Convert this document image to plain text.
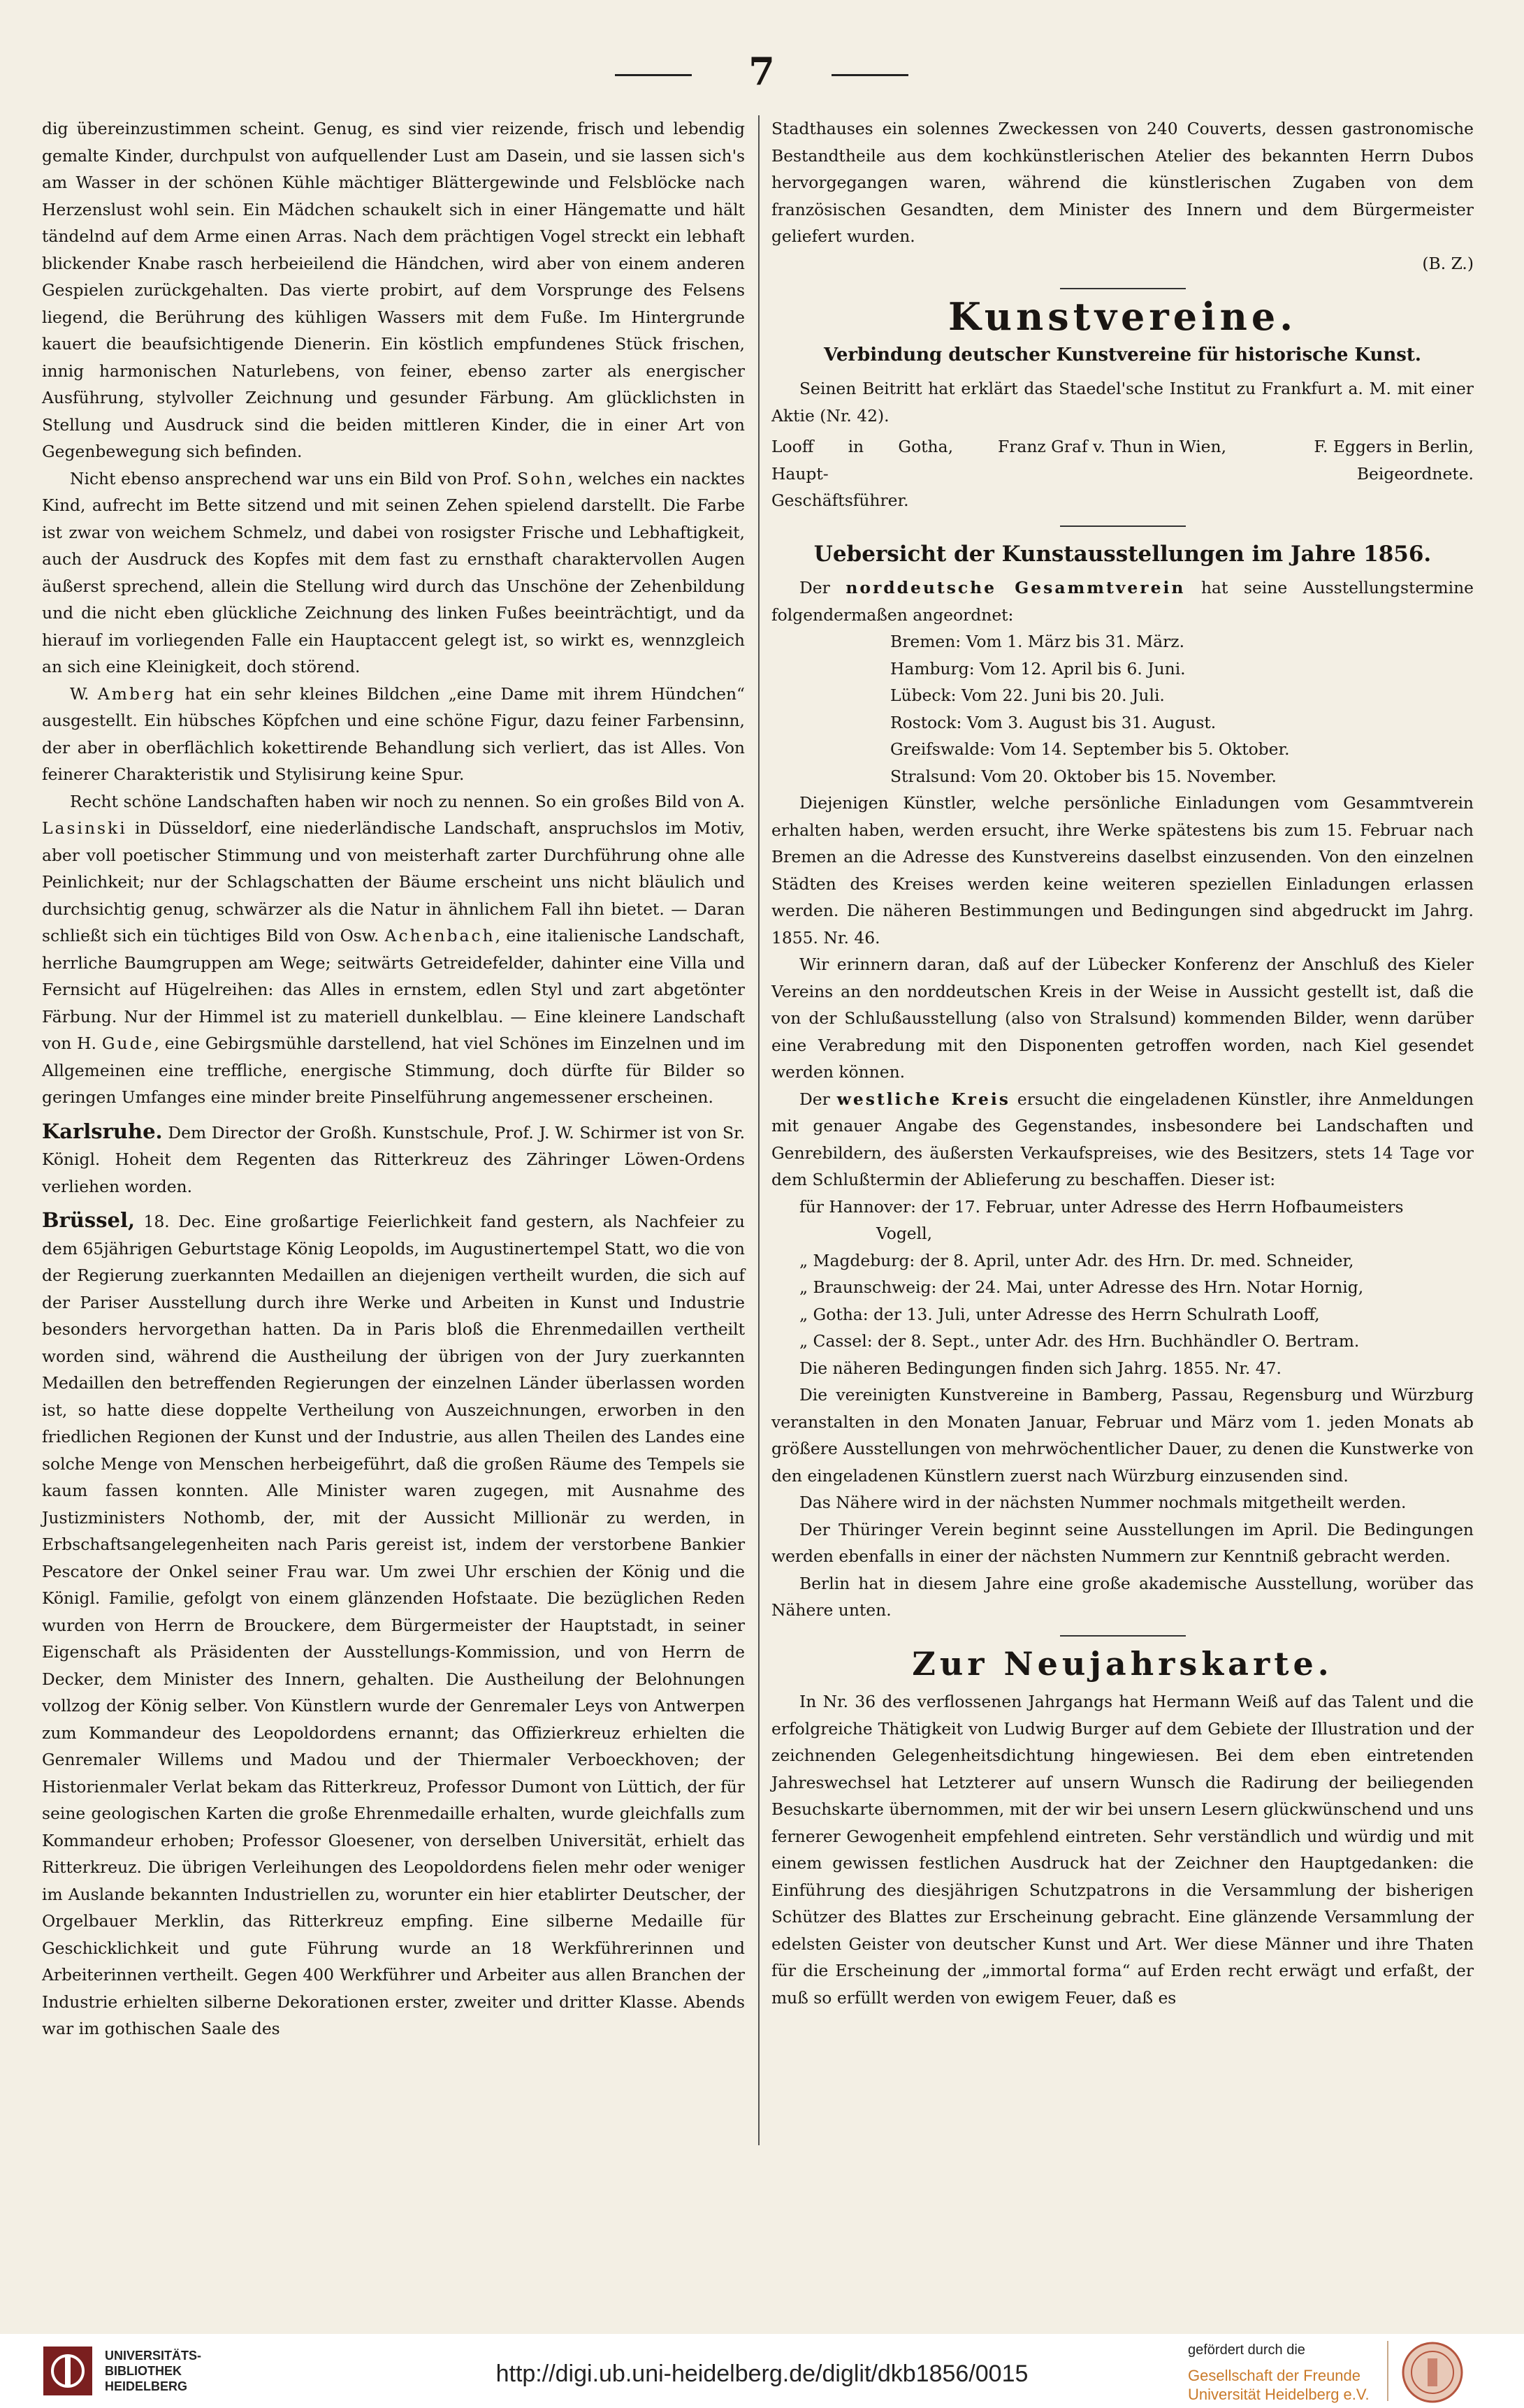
7

dig übereinzustimmen scheint. Genug, es sind vier reizende, frisch und lebendig gemalte Kinder, durchpulst von aufquellender Lust am Dasein, und sie lassen sich's am Wasser in der schönen Kühle mächtiger Blättergewinde und Felsblöcke nach Herzenslust wohl sein. Ein Mädchen schaukelt sich in einer Hängematte und hält tändelnd auf dem Arme einen Arras. Nach dem prächtigen Vogel streckt ein lebhaft blickender Knabe rasch herbeieilend die Händchen, wird aber von einem anderen Gespielen zurückgehalten. Das vierte probirt, auf dem Vorsprunge des Felsens liegend, die Berührung des kühligen Wassers mit dem Fuße. Im Hintergrunde kauert die beaufsichtigende Dienerin. Ein köstlich empfundenes Stück frischen, innig harmonischen Naturlebens, von feiner, ebenso zarter als energischer Ausführung, stylvoller Zeichnung und gesunder Färbung. Am glücklichsten in Stellung und Ausdruck sind die beiden mittleren Kinder, die in einer Art von Gegenbewegung sich befinden.

Nicht ebenso ansprechend war uns ein Bild von Prof. Sohn, welches ein nacktes Kind, aufrecht im Bette sitzend und mit seinen Zehen spielend darstellt. Die Farbe ist zwar von weichem Schmelz, und dabei von rosigster Frische und Lebhaftigkeit, auch der Ausdruck des Kopfes mit dem fast zu ernsthaft charaktervollen Augen äußerst sprechend, allein die Stellung wird durch das Unschöne der Zehenbildung und die nicht eben glückliche Zeichnung des linken Fußes beeinträchtigt, und da hierauf im vorliegenden Falle ein Hauptaccent gelegt ist, so wirkt es, wennzgleich an sich eine Kleinigkeit, doch störend.

W. Amberg hat ein sehr kleines Bildchen „eine Dame mit ihrem Hündchen“ ausgestellt. Ein hübsches Köpfchen und eine schöne Figur, dazu feiner Farbensinn, der aber in oberflächlich kokettirende Behandlung sich verliert, das ist Alles. Von feinerer Charakteristik und Stylisirung keine Spur.

Recht schöne Landschaften haben wir noch zu nennen. So ein großes Bild von A. Lasinski in Düsseldorf, eine niederländische Landschaft, anspruchslos im Motiv, aber voll poetischer Stimmung und von meisterhaft zarter Durchführung ohne alle Peinlichkeit; nur der Schlagschatten der Bäume erscheint uns nicht bläulich und durchsichtig genug, schwärzer als die Natur in ähnlichem Fall ihn bietet. — Daran schließt sich ein tüchtiges Bild von Osw. Achenbach, eine italienische Landschaft, herrliche Baumgruppen am Wege; seitwärts Getreidefelder, dahinter eine Villa und Fernsicht auf Hügelreihen: das Alles in ernstem, edlen Styl und zart abgetönter Färbung. Nur der Himmel ist zu materiell dunkelblau. — Eine kleinere Landschaft von H. Gude, eine Gebirgsmühle darstellend, hat viel Schönes im Einzelnen und im Allgemeinen eine treffliche, energische Stimmung, doch dürfte für Bilder so geringen Umfanges eine minder breite Pinselführung angemessener erscheinen.

Karlsruhe. Dem Director der Großh. Kunstschule, Prof. J. W. Schirmer ist von Sr. Königl. Hoheit dem Regenten das Ritterkreuz des Zähringer Löwen-Ordens verliehen worden.

Brüssel, 18. Dec. Eine großartige Feierlichkeit fand gestern, als Nachfeier zu dem 65jährigen Geburtstage König Leopolds, im Augustinertempel Statt, wo die von der Regierung zuerkannten Medaillen an diejenigen vertheilt wurden, die sich auf der Pariser Ausstellung durch ihre Werke und Arbeiten in Kunst und Industrie besonders hervorgethan hatten. Da in Paris bloß die Ehrenmedaillen vertheilt worden sind, während die Austheilung der übrigen von der Jury zuerkannten Medaillen den betreffenden Regierungen der einzelnen Länder überlassen worden ist, so hatte diese doppelte Vertheilung von Auszeichnungen, erworben in den friedlichen Regionen der Kunst und der Industrie, aus allen Theilen des Landes eine solche Menge von Menschen herbeigeführt, daß die großen Räume des Tempels sie kaum fassen konnten. Alle Minister waren zugegen, mit Ausnahme des Justizministers Nothomb, der, mit der Aussicht Millionär zu werden, in Erbschaftsangelegenheiten nach Paris gereist ist, indem der verstorbene Bankier Pescatore der Onkel seiner Frau war. Um zwei Uhr erschien der König und die Königl. Familie, gefolgt von einem glänzenden Hofstaate. Die bezüglichen Reden wurden von Herrn de Brouckere, dem Bürgermeister der Hauptstadt, in seiner Eigenschaft als Präsidenten der Ausstellungs-Kommission, und von Herrn de Decker, dem Minister des Innern, gehalten. Die Austheilung der Belohnungen vollzog der König selber. Von Künstlern wurde der Genremaler Leys von Antwerpen zum Kommandeur des Leopoldordens ernannt; das Offizierkreuz erhielten die Genremaler Willems und Madou und der Thiermaler Verboeckhoven; der Historienmaler Verlat bekam das Ritterkreuz, Professor Dumont von Lüttich, der für seine geologischen Karten die große Ehrenmedaille erhalten, wurde gleichfalls zum Kommandeur erhoben; Professor Gloesener, von derselben Universität, erhielt das Ritterkreuz. Die übrigen Verleihungen des Leopoldordens fielen mehr oder weniger im Auslande bekannten Industriellen zu, worunter ein hier etablirter Deutscher, der Orgelbauer Merklin, das Ritterkreuz empfing. Eine silberne Medaille für Geschicklichkeit und gute Führung wurde an 18 Werkführerinnen und Arbeiterinnen vertheilt. Gegen 400 Werkführer und Arbeiter aus allen Branchen der Industrie erhielten silberne Dekorationen erster, zweiter und dritter Klasse. Abends war im gothischen Saale des

Stadthauses ein solennes Zweckessen von 240 Couverts, dessen gastronomische Bestandtheile aus dem kochkünstlerischen Atelier des bekannten Herrn Dubos hervorgegangen waren, während die künstlerischen Zugaben von dem französischen Gesandten, dem Minister des Innern und dem Bürgermeister geliefert wurden.

(B. Z.)
Kunstvereine.
Verbindung deutscher Kunstvereine für historische Kunst.

Seinen Beitritt hat erklärt das Staedel'sche Institut zu Frankfurt a. M. mit einer Aktie (Nr. 42).

Looff in Gotha, Haupt-Geschäftsführer.
Franz Graf v. Thun in Wien,	F. Eggers in Berlin, Beigeordnete.
Uebersicht der Kunstausstellungen im Jahre 1856.

Der norddeutsche Gesammtverein hat seine Ausstellungstermine folgendermaßen angeordnet:

Bremen: Vom 1. März bis 31. März.
Hamburg: Vom 12. April bis 6. Juni.
Lübeck: Vom 22. Juni bis 20. Juli.
Rostock: Vom 3. August bis 31. August.
Greifswalde: Vom 14. September bis 5. Oktober.
Stralsund: Vom 20. Oktober bis 15. November.

Diejenigen Künstler, welche persönliche Einladungen vom Gesammtverein erhalten haben, werden ersucht, ihre Werke spätestens bis zum 15. Februar nach Bremen an die Adresse des Kunstvereins daselbst einzusenden. Von den einzelnen Städten des Kreises werden keine weiteren speziellen Einladungen erlassen werden. Die näheren Bestimmungen und Bedingungen sind abgedruckt im Jahrg. 1855. Nr. 46.

Wir erinnern daran, daß auf der Lübecker Konferenz der Anschluß des Kieler Vereins an den norddeutschen Kreis in der Weise in Aussicht gestellt ist, daß die von der Schlußausstellung (also von Stralsund) kommenden Bilder, wenn darüber eine Verabredung mit den Disponenten getroffen worden, nach Kiel gesendet werden können.

Der westliche Kreis ersucht die eingeladenen Künstler, ihre Anmeldungen mit genauer Angabe des Gegenstandes, insbesondere bei Landschaften und Genrebildern, des äußersten Verkaufspreises, wie des Besitzers, stets 14 Tage vor dem Schlußtermin der Ablieferung zu beschaffen. Dieser ist:

für Hannover: der 17. Februar, unter Adresse des Herrn Hofbaumeisters
Vogell,
„ Magdeburg: der 8. April, unter Adr. des Hrn. Dr. med. Schneider,
„ Braunschweig: der 24. Mai, unter Adresse des Hrn. Notar Hornig,
„ Gotha: der 13. Juli, unter Adresse des Herrn Schulrath Looff,
„ Cassel: der 8. Sept., unter Adr. des Hrn. Buchhändler O. Bertram.

Die näheren Bedingungen finden sich Jahrg. 1855. Nr. 47.

Die vereinigten Kunstvereine in Bamberg, Passau, Regensburg und Würzburg veranstalten in den Monaten Januar, Februar und März vom 1. jeden Monats ab größere Ausstellungen von mehrwöchentlicher Dauer, zu denen die Kunstwerke von den eingeladenen Künstlern zuerst nach Würzburg einzusenden sind.

Das Nähere wird in der nächsten Nummer nochmals mitgetheilt werden.

Der Thüringer Verein beginnt seine Ausstellungen im April. Die Bedingungen werden ebenfalls in einer der nächsten Nummern zur Kenntniß gebracht werden.

Berlin hat in diesem Jahre eine große akademische Ausstellung, worüber das Nähere unten.

Zur Neujahrskarte.

In Nr. 36 des verflossenen Jahrgangs hat Hermann Weiß auf das Talent und die erfolgreiche Thätigkeit von Ludwig Burger auf dem Gebiete der Illustration und der zeichnenden Gelegenheitsdichtung hingewiesen. Bei dem eben eintretenden Jahreswechsel hat Letzterer auf unsern Wunsch die Radirung der beiliegenden Besuchskarte übernommen, mit der wir bei unsern Lesern glückwünschend und uns fernerer Gewogenheit empfehlend eintreten. Sehr verständlich und würdig und mit einem gewissen festlichen Ausdruck hat der Zeichner den Hauptgedanken: die Einführung des diesjährigen Schutzpatrons in die Versammlung der bisherigen Schützer des Blattes zur Erscheinung gebracht. Eine glänzende Versammlung der edelsten Geister von deutscher Kunst und Art. Wer diese Männer und ihre Thaten für die Erscheinung der „immortal forma“ auf Erden recht erwägt und erfaßt, der muß so erfüllt werden von ewigem Feuer, daß es

UNIVERSITÄTS-
BIBLIOTHEK
HEIDELBERG	http://digi.ub.uni-heidelberg.de/diglit/dkb1856/0015
gefördert durch die
Gesellschaft der Freunde
Universität Heidelberg e.V.
